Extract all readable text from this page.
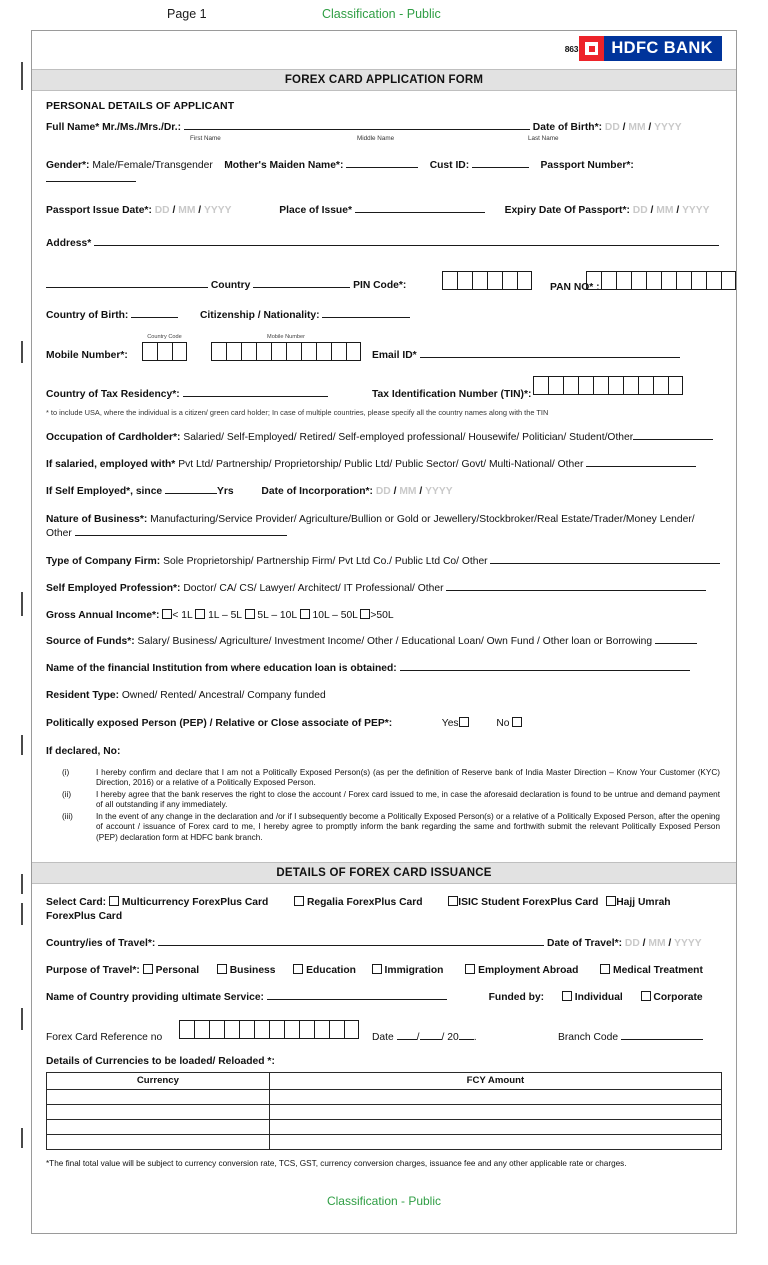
Page 1	Classification - Public
863	HDFC BANK
FOREX CARD APPLICATION FORM
PERSONAL DETAILS OF APPLICANT
Full Name* Mr./Ms./Mrs./Dr.:	Date of Birth*: DD / MM / YYYY
First Name	Middle Name	Last Name
Gender*: Male/Female/Transgender Mother's Maiden Name*:	Cust ID:	Passport Number*:
Passport Issue Date*: DD / MM / YYYY	Place of Issue*	Expiry Date Of Passport*: DD / MM / YYYY
Address*
Country	PIN Code*:	PAN NO* :
Country of Birth:	Citizenship / Nationality:
Mobile Number*:
Country Code	Mobile Number
Email ID*
Country of Tax Residency*:	Tax Identification Number (TIN)*:
* to include USA, where the individual is a citizen/ green card holder; In case of multiple countries, please specify all the country names along with the TIN
Occupation of Cardholder*: Salaried/ Self-Employed/ Retired/ Self-employed professional/ Housewife/ Politician/ Student/Other
If salaried, employed with* Pvt Ltd/ Partnership/ Proprietorship/ Public Ltd/ Public Sector/ Govt/ Multi-National/ Other
If Self Employed*, since	Yrs	Date of Incorporation*: DD / MM / YYYY
Nature of Business*: Manufacturing/Service Provider/ Agriculture/Bullion or Gold or Jewellery/Stockbroker/Real Estate/Trader/Money Lender/
Other
Type of Company Firm: Sole Proprietorship/ Partnership Firm/ Pvt Ltd Co./ Public Ltd Co/ Other
Self Employed Profession*: Doctor/ CA/ CS/ Lawyer/ Architect/ IT Professional/ Other
Gross Annual Income*: < 1L 1L – 5L 5L – 10L 10L – 50L >50L
Source of Funds*: Salary/ Business/ Agriculture/ Investment Income/ Other / Educational Loan/ Own Fund / Other loan or Borrowing
Name of the financial Institution from where education loan is obtained:
Resident Type: Owned/ Rented/ Ancestral/ Company funded
Politically exposed Person (PEP) / Relative or Close associate of PEP*:	Yes	No
If declared, No:
(i)	I hereby confirm and declare that I am not a Politically Exposed Person(s) (as per the definition of Reserve bank of India Master Direction – Know Your Customer (KYC) Direction, 2016) or a relative of a Politically Exposed Person.
(ii)	I hereby agree that the bank reserves the right to close the account / Forex card issued to me, in case the aforesaid declaration is found to be untrue and demand payment of all outstanding if any immediately.
(iii)	In the event of any change in the declaration and /or if I subsequently become a Politically Exposed Person(s) or a relative of a Politically Exposed Person, after the opening of account / issuance of Forex card to me, I hereby agree to promptly inform the bank regarding the same and forthwith submit the relevant Politically Exposed Person (PEP) declaration form at HDFC bank branch.
DETAILS OF FOREX CARD ISSUANCE
Select Card: Multicurrency ForexPlus Card	Regalia ForexPlus Card	ISIC Student ForexPlus Card Hajj Umrah ForexPlus Card
Country/ies of Travel*:	Date of Travel*: DD / MM / YYYY
Purpose of Travel*: Personal	Business	Education	Immigration	Employment Abroad	Medical Treatment
Name of Country providing ultimate Service:	Funded by:	Individual	Corporate
Forex Card Reference no	Date / / 20 .	Branch Code
Details of Currencies to be loaded/ Reloaded *:
Currency	FCY Amount

*The final total value will be subject to currency conversion rate, TCS, GST, currency conversion charges, issuance fee and any other applicable rate or charges.
Classification - Public
